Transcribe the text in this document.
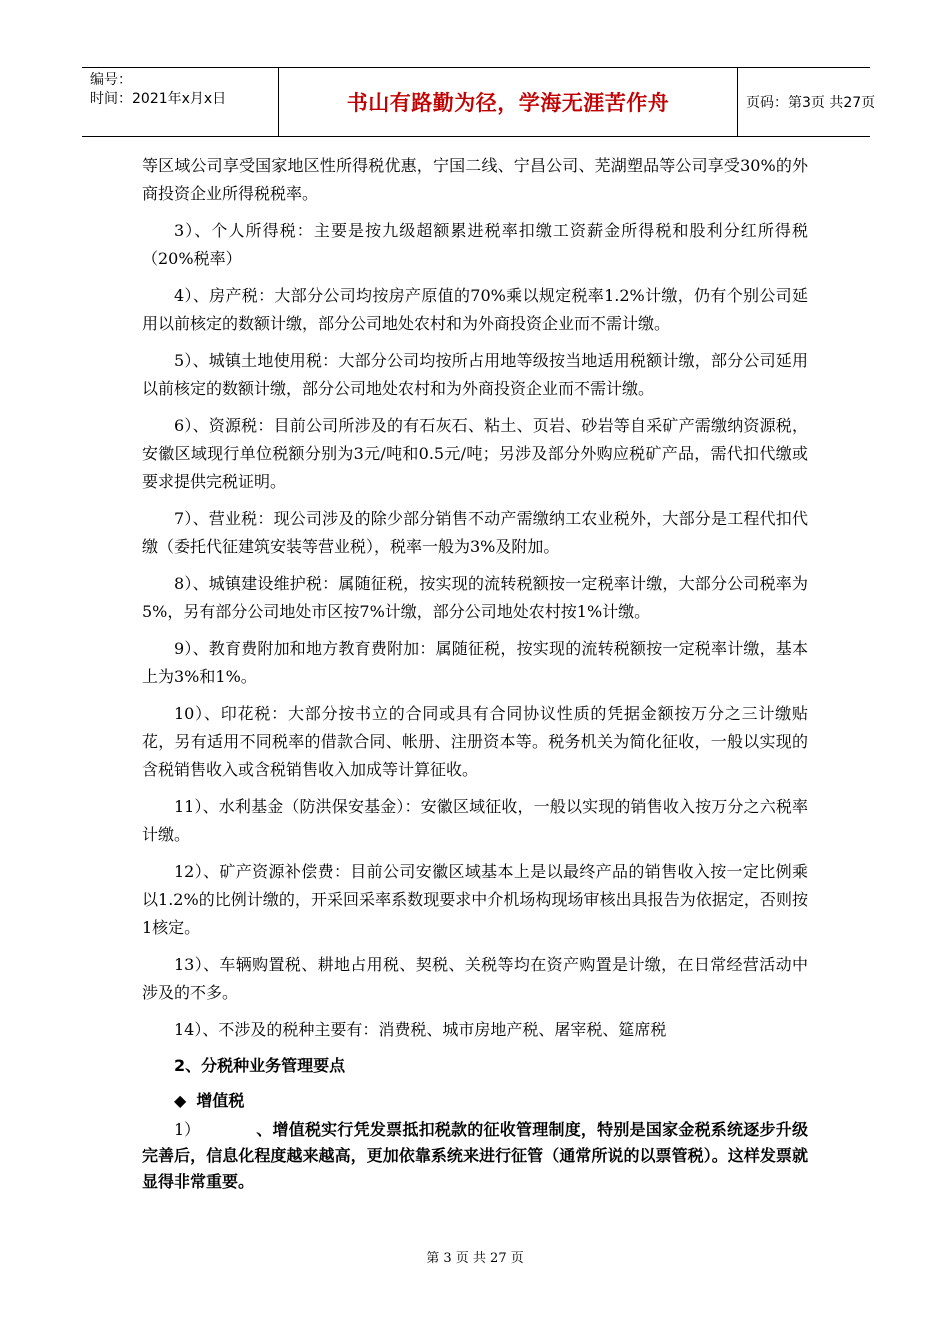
编号：
时间：2021年x月x日	书山有路勤为径，学海无涯苦作舟	页码：第3页 共27页

等区域公司享受国家地区性所得税优惠，宁国二线、宁昌公司、芜湖塑品等公司享受30%的外商投资企业所得税税率。

3）、个人所得税：主要是按九级超额累进税率扣缴工资薪金所得税和股利分红所得税（20%税率）

4）、房产税：大部分公司均按房产原值的70%乘以规定税率1.2%计缴，仍有个别公司延用以前核定的数额计缴，部分公司地处农村和为外商投资企业而不需计缴。

5）、城镇土地使用税：大部分公司均按所占用地等级按当地适用税额计缴，部分公司延用以前核定的数额计缴，部分公司地处农村和为外商投资企业而不需计缴。

6）、资源税：目前公司所涉及的有石灰石、粘土、页岩、砂岩等自采矿产需缴纳资源税，安徽区域现行单位税额分别为3元/吨和0.5元/吨；另涉及部分外购应税矿产品，需代扣代缴或要求提供完税证明。

7）、营业税：现公司涉及的除少部分销售不动产需缴纳工农业税外，大部分是工程代扣代缴（委托代征建筑安装等营业税），税率一般为3%及附加。

8）、城镇建设维护税：属随征税，按实现的流转税额按一定税率计缴，大部分公司税率为5%，另有部分公司地处市区按7%计缴，部分公司地处农村按1%计缴。

9）、教育费附加和地方教育费附加：属随征税，按实现的流转税额按一定税率计缴，基本上为3%和1%。

10）、印花税：大部分按书立的合同或具有合同协议性质的凭据金额按万分之三计缴贴花，另有适用不同税率的借款合同、帐册、注册资本等。税务机关为简化征收，一般以实现的含税销售收入或含税销售收入加成等计算征收。

11）、水利基金（防洪保安基金）：安徽区域征收，一般以实现的销售收入按万分之六税率计缴。

12）、矿产资源补偿费：目前公司安徽区域基本上是以最终产品的销售收入按一定比例乘以1.2%的比例计缴的，开采回采率系数现要求中介机场构现场审核出具报告为依据定，否则按1核定。

13）、车辆购置税、耕地占用税、契税、关税等均在资产购置是计缴，在日常经营活动中涉及的不多。

14）、不涉及的税种主要有：消费税、城市房地产税、屠宰税、筵席税

2、分税种业务管理要点
◆ 增值税

1）	、增值税实行凭发票抵扣税款的征收管理制度，特别是国家金税系统逐步升级完善后，信息化程度越来越高，更加依靠系统来进行征管（通常所说的以票管税）。这样发票就显得非常重要。

第 3 页 共 27 页
